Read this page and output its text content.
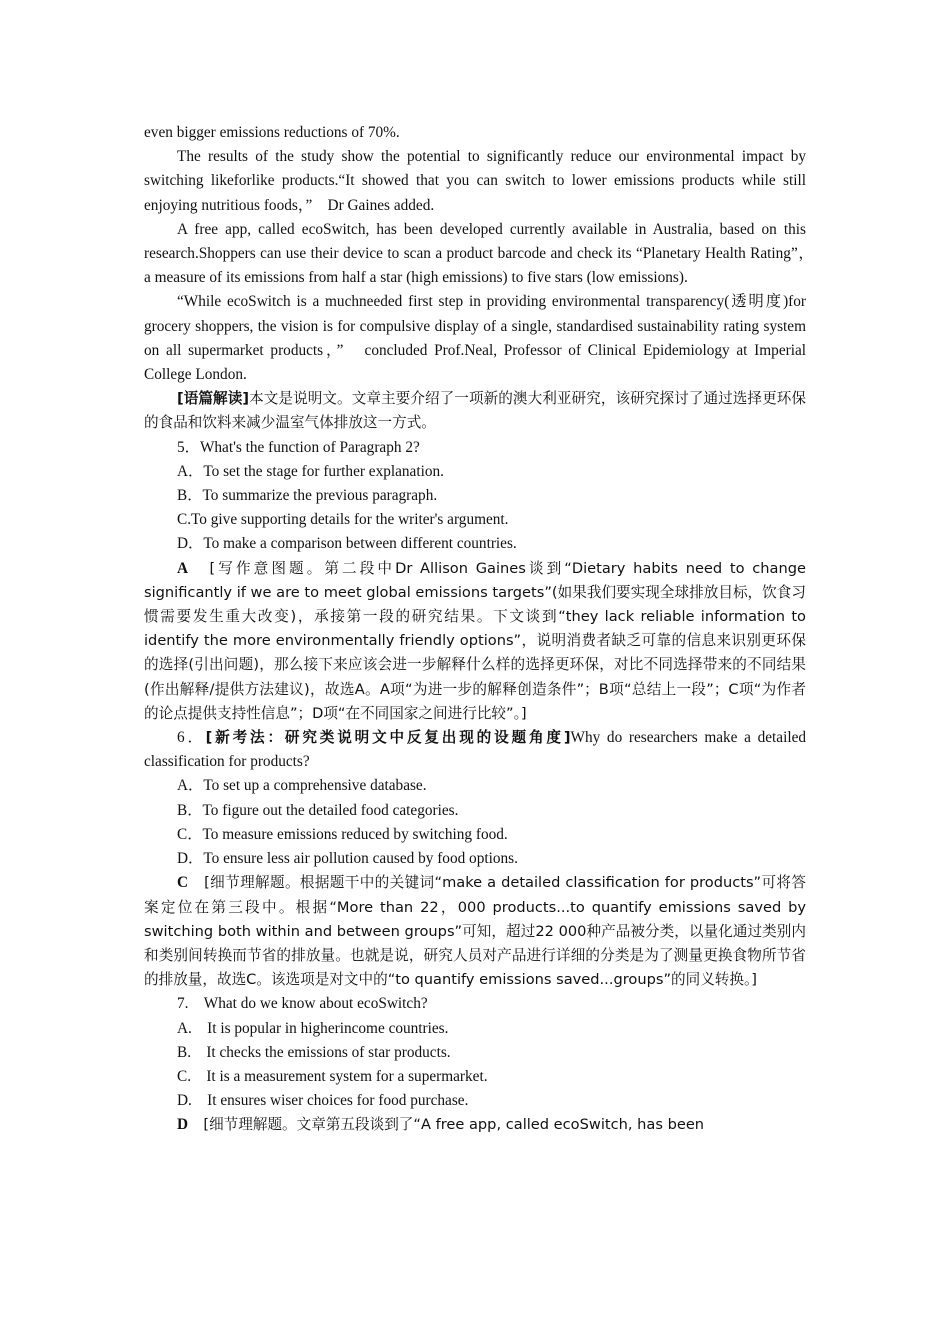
even bigger emissions reductions of 70%.

The results of the study show the potential to significantly reduce our environmental impact by switching likeforlike products.“It showed that you can switch to lower emissions products while still enjoying nutritious foods，”　Dr Gaines added.

A free app, called ecoSwitch, has been developed currently available in Australia, based on this research.Shoppers can use their device to scan a product barcode and check its “Planetary Health Rating”，　a measure of its emissions from half a star (high emissions) to five stars (low emissions).

“While ecoSwitch is a muchneeded first step in providing environmental transparency(透明度)for grocery shoppers, the vision is for compulsive display of a single, standardised sustainability rating system on all supermarket products，”　concluded Prof.Neal, Professor of Clinical Epidemiology at Imperial College London.

[语篇解读]本文是说明文。文章主要介绍了一项新的澳大利亚研究，该研究探讨了通过选择更环保的食品和饮料来减少温室气体排放这一方式。

5．What's the function of Paragraph 2?

A．To set the stage for further explanation.

B．To summarize the previous paragraph.

C.To give supporting details for the writer's argument.

D．To make a comparison between different countries.

A　 [写作意图题。第二段中Dr Allison Gaines谈到“Dietary habits need to change significantly if we are to meet global emissions targets”(如果我们要实现全球排放目标，饮食习惯需要发生重大改变)，承接第一段的研究结果。下文谈到“they lack reliable information to identify the more environmentally friendly options”，说明消费者缺乏可靠的信息来识别更环保的选择(引出问题)，那么接下来应该会进一步解释什么样的选择更环保，对比不同选择带来的不同结果(作出解释/提供方法建议)，故选A。A项“为进一步的解释创造条件”；B项“总结上一段”；C项“为作者的论点提供支持性信息”；D项“在不同国家之间进行比较”。]

6．[新考法：研究类说明文中反复出现的设题角度]Why do researchers make a detailed classification for products?

A．To set up a comprehensive database.

B．To figure out the detailed food categories.

C．To measure emissions reduced by switching food.

D．To ensure less air pollution caused by food options.

C　 [细节理解题。根据题干中的关键词“make a detailed classification for products”可将答案定位在第三段中。根据“More than 22，000 products...to quantify emissions saved by switching both within and between groups”可知，超过22 000种产品被分类，以量化通过类别内和类别间转换而节省的排放量。也就是说，研究人员对产品进行详细的分类是为了测量更换食物所节省的排放量，故选C。该选项是对文中的“to quantify emissions saved...groups”的同义转换。]

7.　What do we know about ecoSwitch?

A.　It is popular in higherincome countries.

B.　It checks the emissions of star products.

C.　It is a measurement system for a supermarket.

D.　It ensures wiser choices for food purchase.

D　 [细节理解题。文章第五段谈到了“A free app, called ecoSwitch, has been
